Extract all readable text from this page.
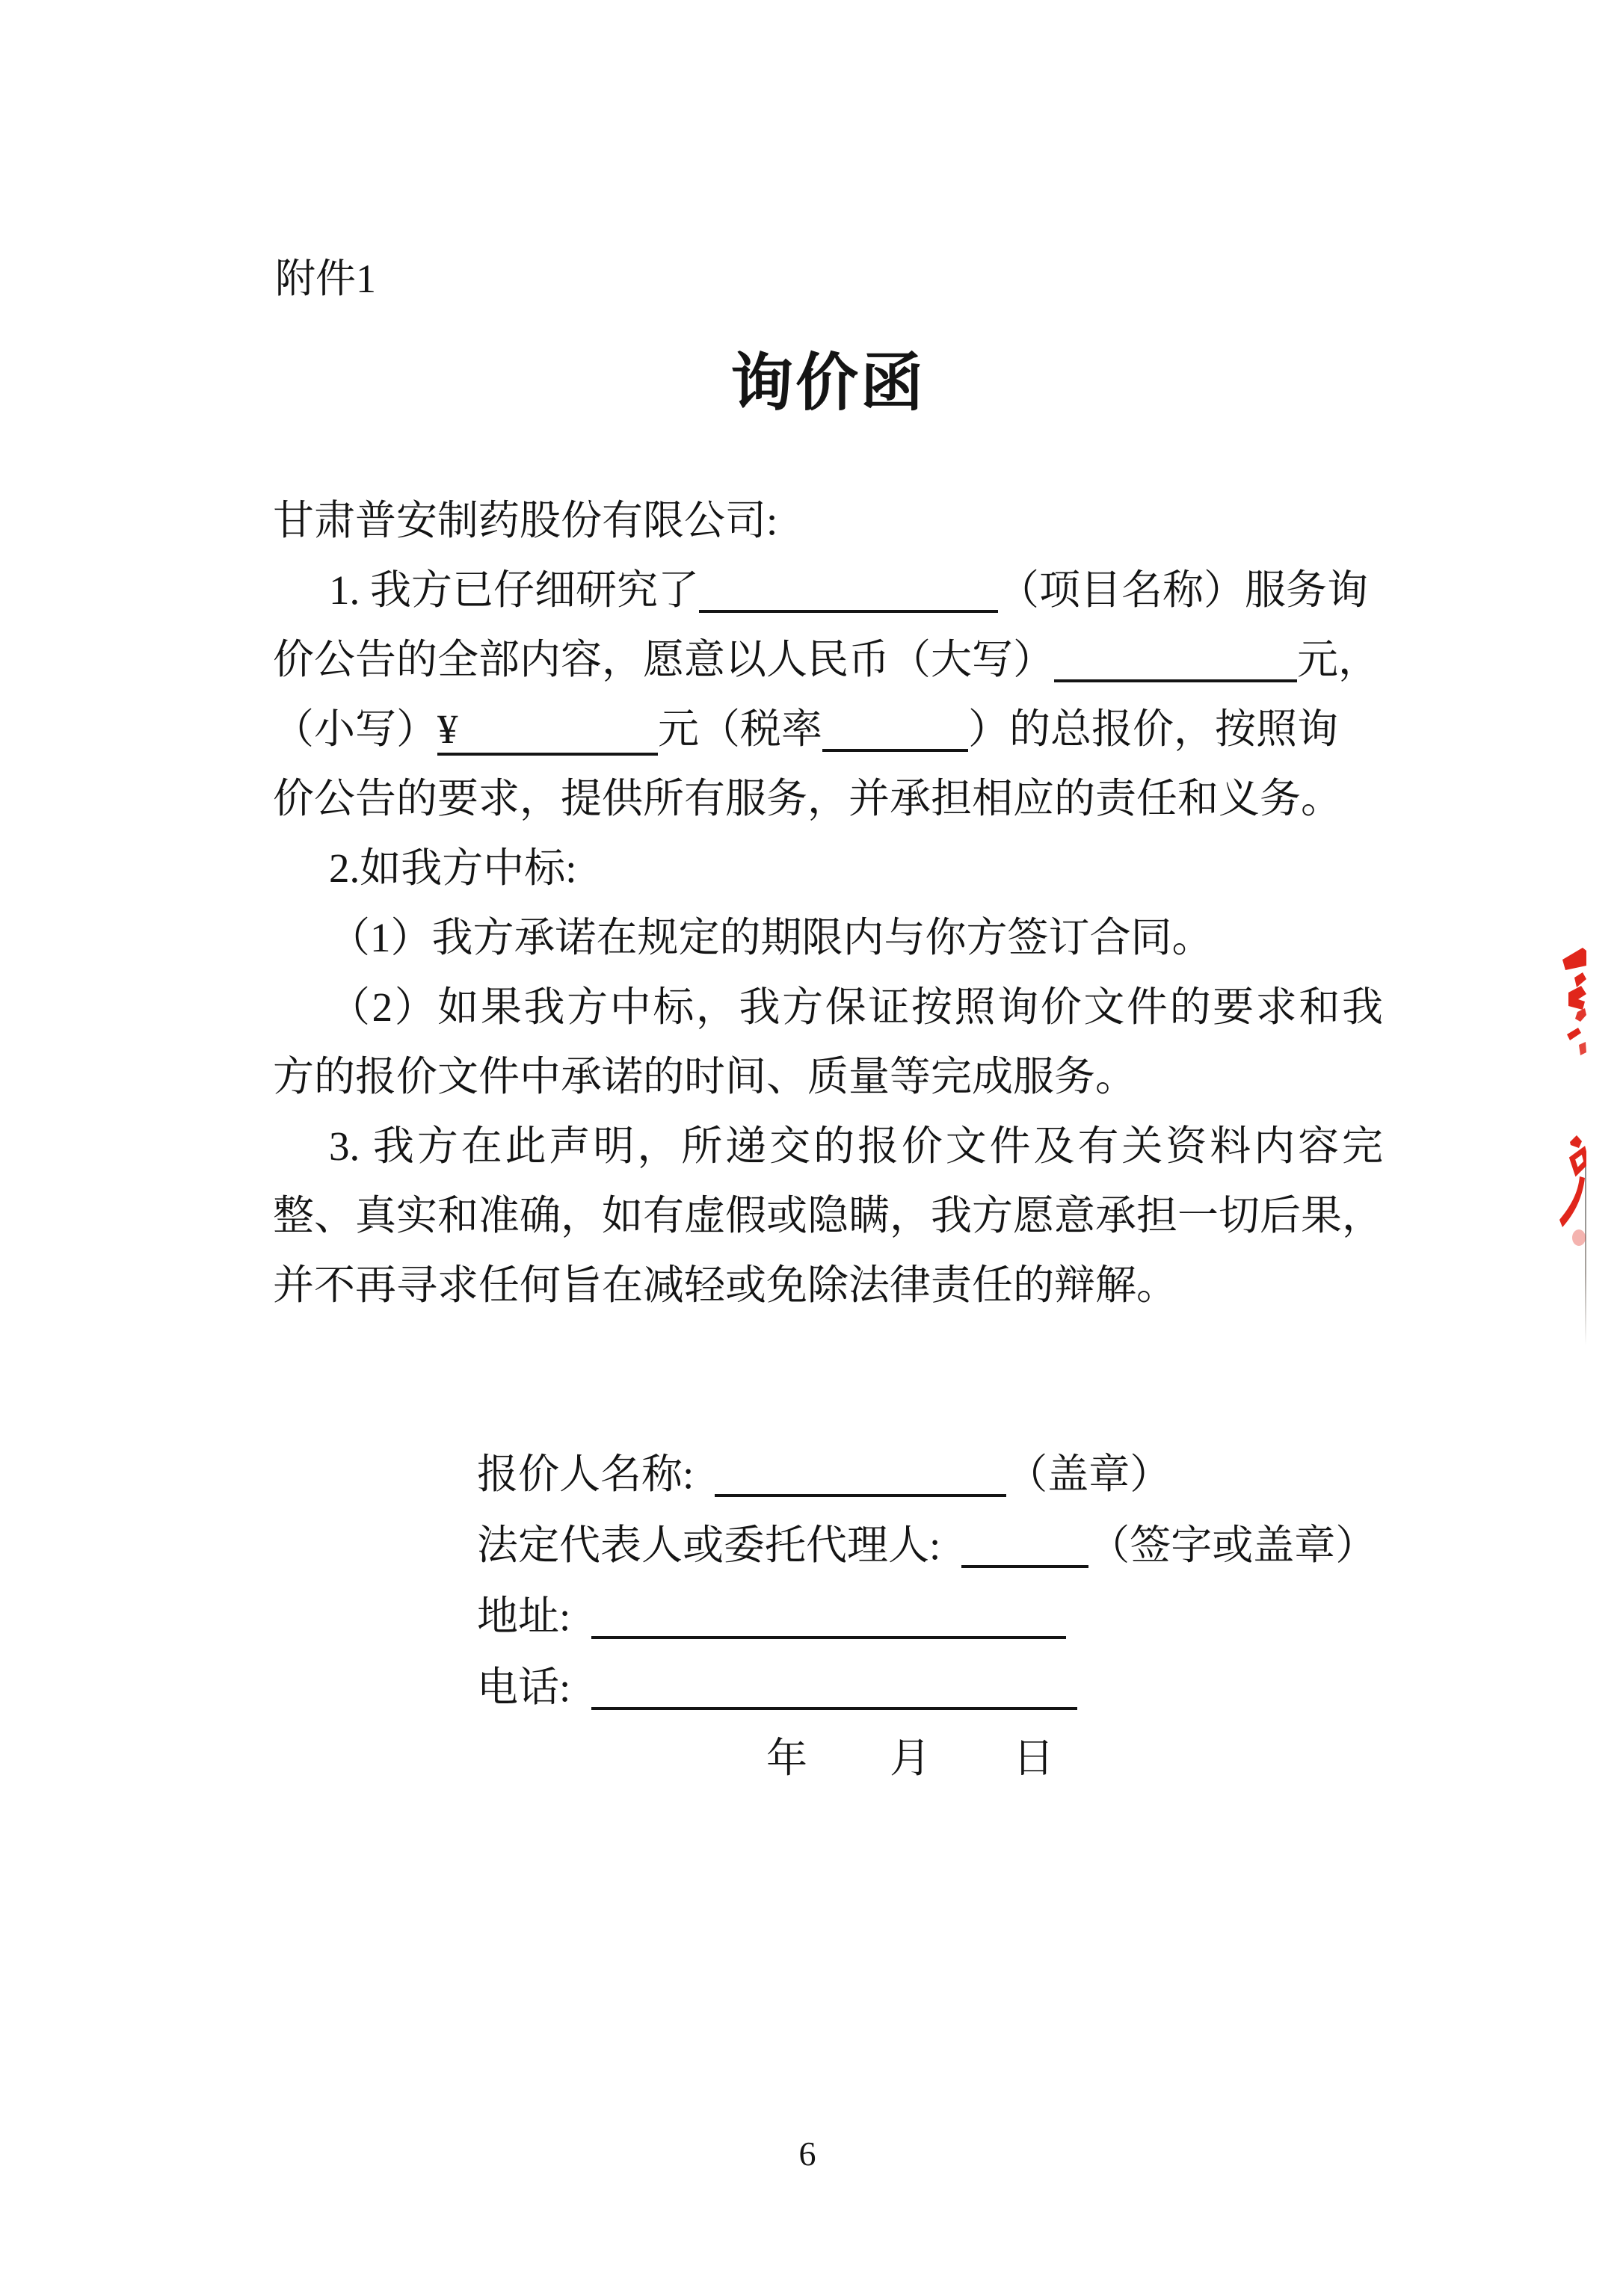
附件1
询价函
甘肃普安制药股份有限公司:
1. 我方已仔细研究了	（项目名称）服务询
价公告的全部内容，愿意以人民币（大写）	元，
（小写）¥	元（税率	）的总报价，按照询
价公告的要求，提供所有服务，并承担相应的责任和义务。
2.如我方中标:
（1）我方承诺在规定的期限内与你方签订合同。
（2）如果我方中标，我方保证按照询价文件的要求和我
方的报价文件中承诺的时间、质量等完成服务。
3. 我方在此声明，所递交的报价文件及有关资料内容完
整、真实和准确，如有虚假或隐瞒，我方愿意承担一切后果，
并不再寻求任何旨在减轻或免除法律责任的辩解。
报价人名称:	（盖章）
法定代表人或委托代理人:	（签字或盖章）
地址:
电话:
年　　月　　日
6
